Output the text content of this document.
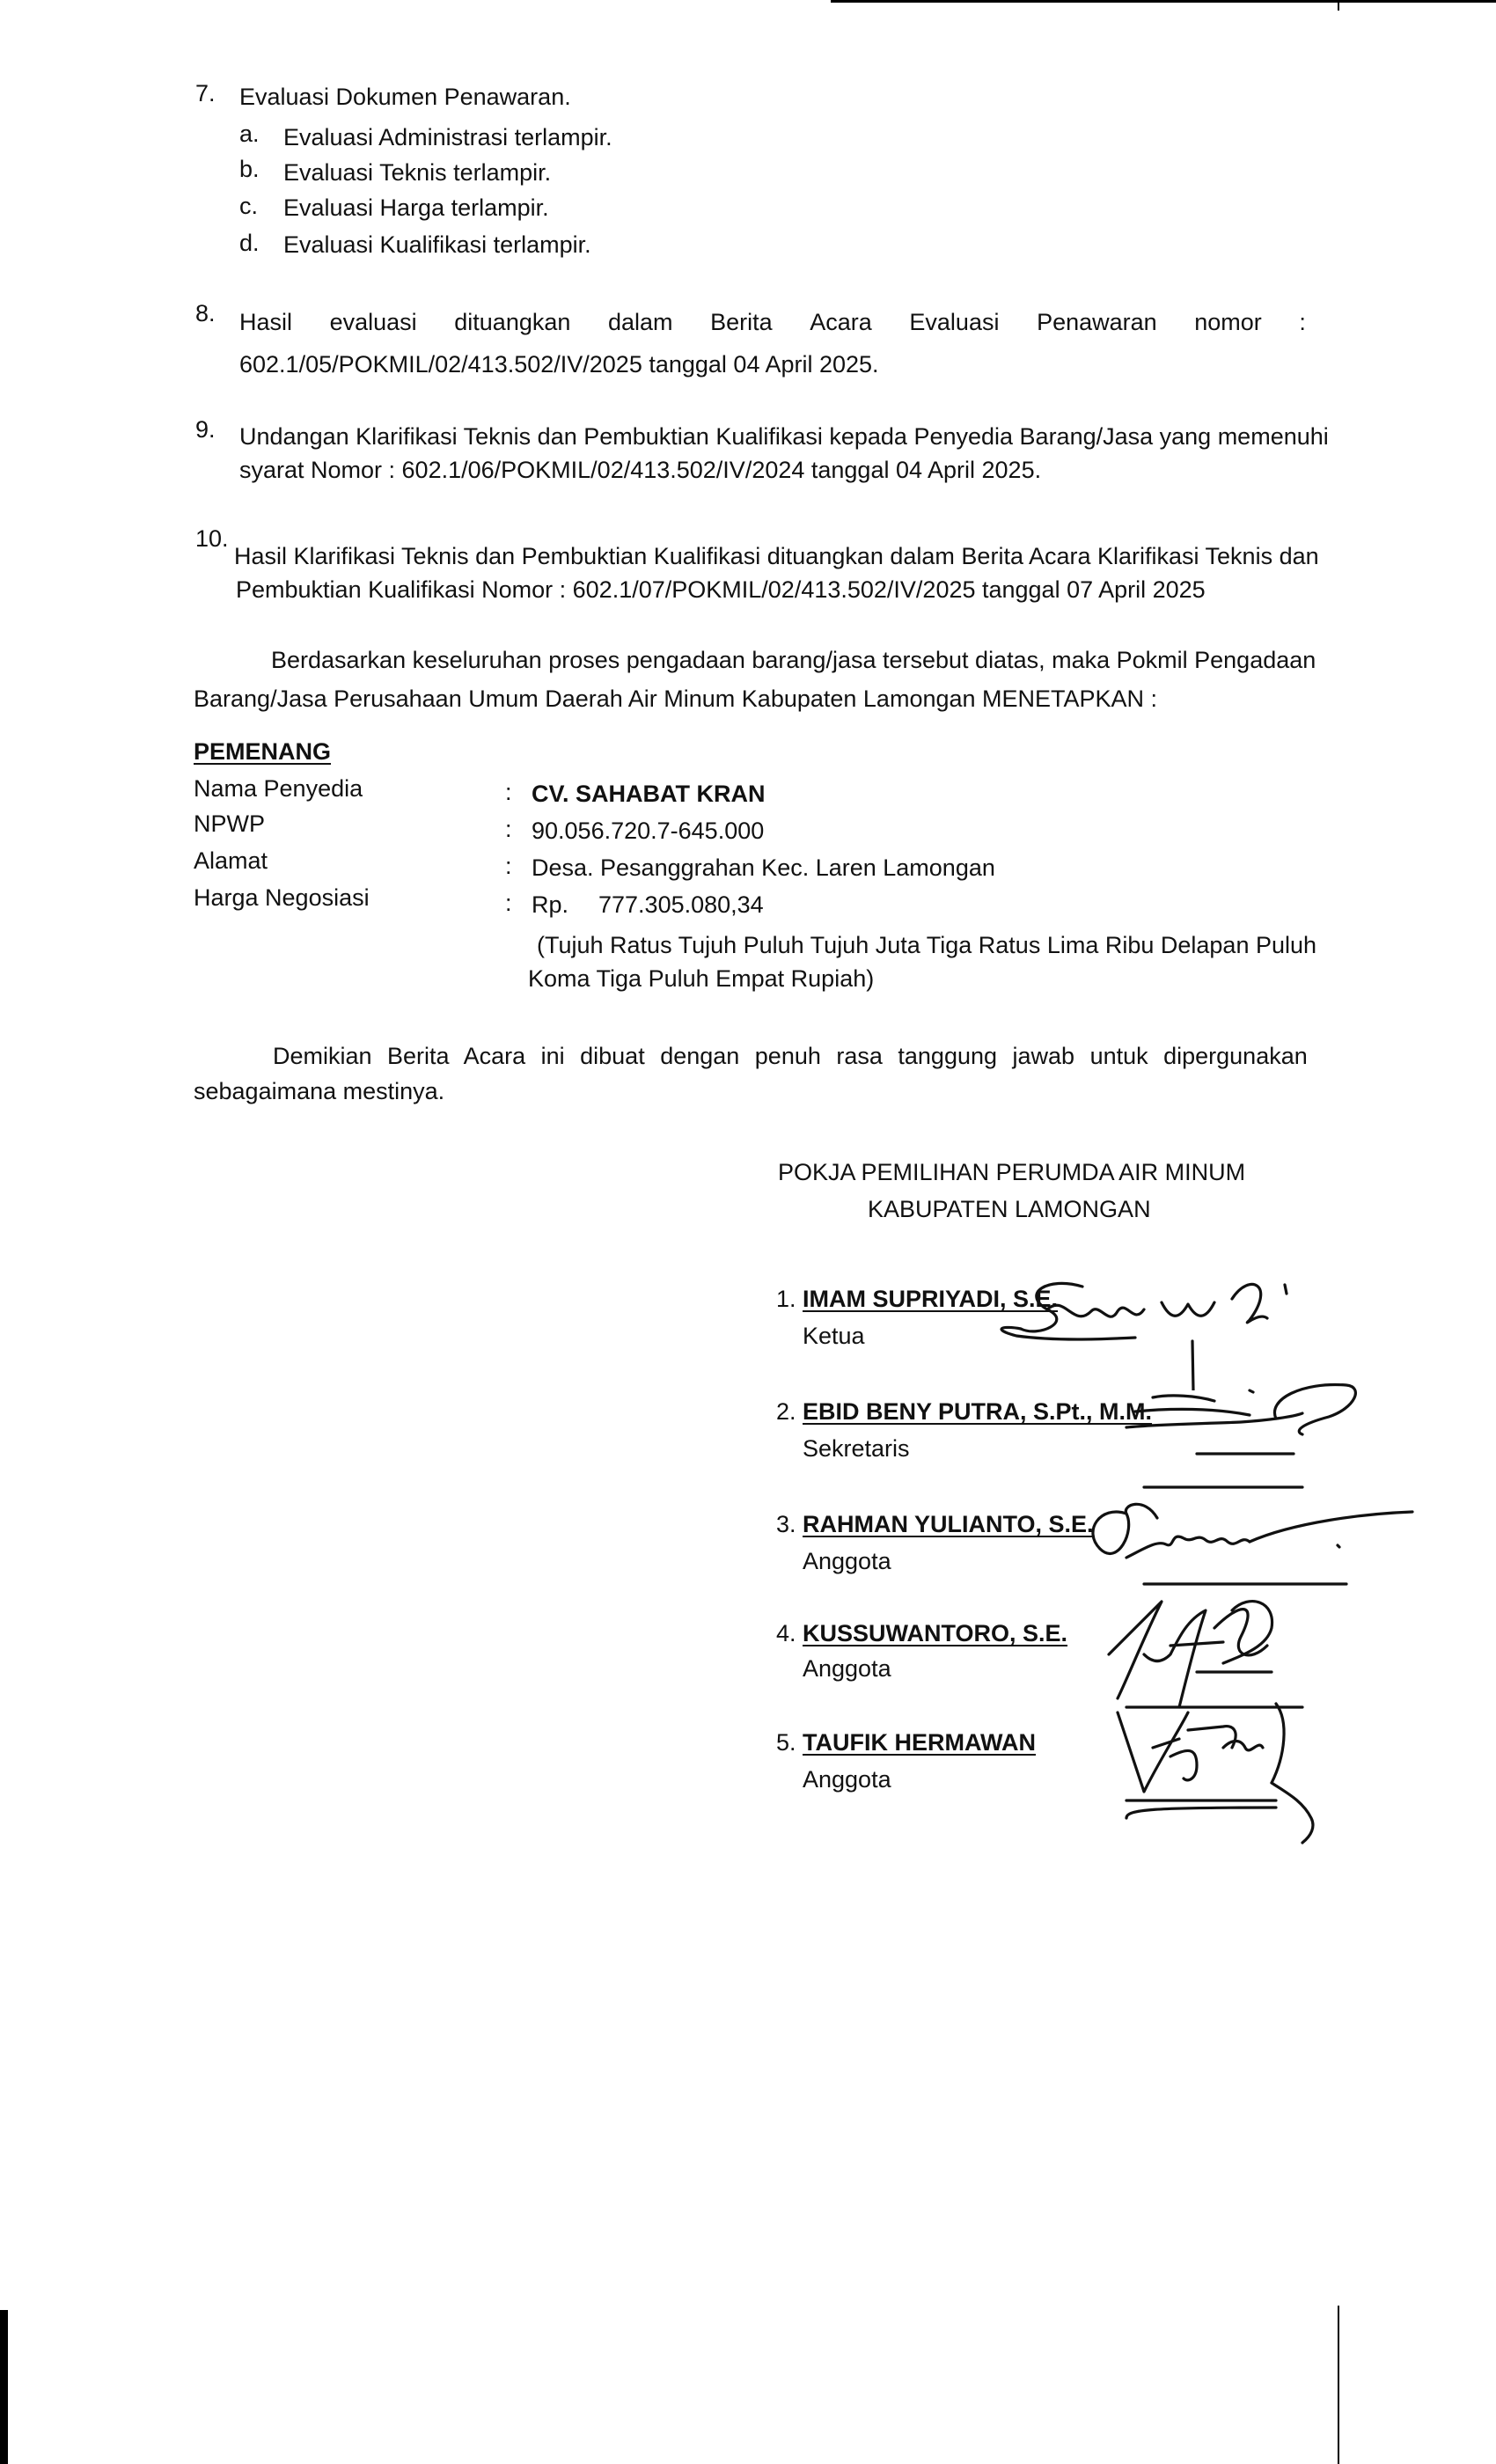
7. Evaluasi Dokumen Penawaran.
a. Evaluasi Administrasi terlampir.
b. Evaluasi Teknis terlampir.
c. Evaluasi Harga terlampir.
d. Evaluasi Kualifikasi terlampir.
8. Hasil evaluasi dituangkan dalam Berita Acara Evaluasi Penawaran nomor :
602.1/05/POKMIL/02/413.502/IV/2025 tanggal 04 April 2025.
9. Undangan Klarifikasi Teknis dan Pembuktian Kualifikasi kepada Penyedia Barang/Jasa yang memenuhi
syarat Nomor : 602.1/06/POKMIL/02/413.502/IV/2024 tanggal 04 April 2025.
10.
Hasil Klarifikasi Teknis dan Pembuktian Kualifikasi dituangkan dalam Berita Acara Klarifikasi Teknis dan
Pembuktian Kualifikasi Nomor : 602.1/07/POKMIL/02/413.502/IV/2025 tanggal 07 April 2025
Berdasarkan keseluruhan proses pengadaan barang/jasa tersebut diatas, maka Pokmil Pengadaan
Barang/Jasa Perusahaan Umum Daerah Air Minum Kabupaten Lamongan MENETAPKAN :
PEMENANG
Nama Penyedia	: CV. SAHABAT KRAN
NPWP	: 90.056.720.7-645.000
Alamat	: Desa. Pesanggrahan Kec. Laren Lamongan
Harga Negosiasi	: Rp. 777.305.080,34
(Tujuh Ratus Tujuh Puluh Tujuh Juta Tiga Ratus Lima Ribu Delapan Puluh
Koma Tiga Puluh Empat Rupiah)
Demikian Berita Acara ini dibuat dengan penuh rasa tanggung jawab untuk dipergunakan
sebagaimana mestinya.
POKJA PEMILIHAN PERUMDA AIR MINUM
KABUPATEN LAMONGAN
1. IMAM SUPRIYADI, S.E.
Ketua
2. EBID BENY PUTRA, S.Pt., M.M.
Sekretaris
3. RAHMAN YULIANTO, S.E.
Anggota
4. KUSSUWANTORO, S.E.
Anggota
5. TAUFIK HERMAWAN
Anggota
